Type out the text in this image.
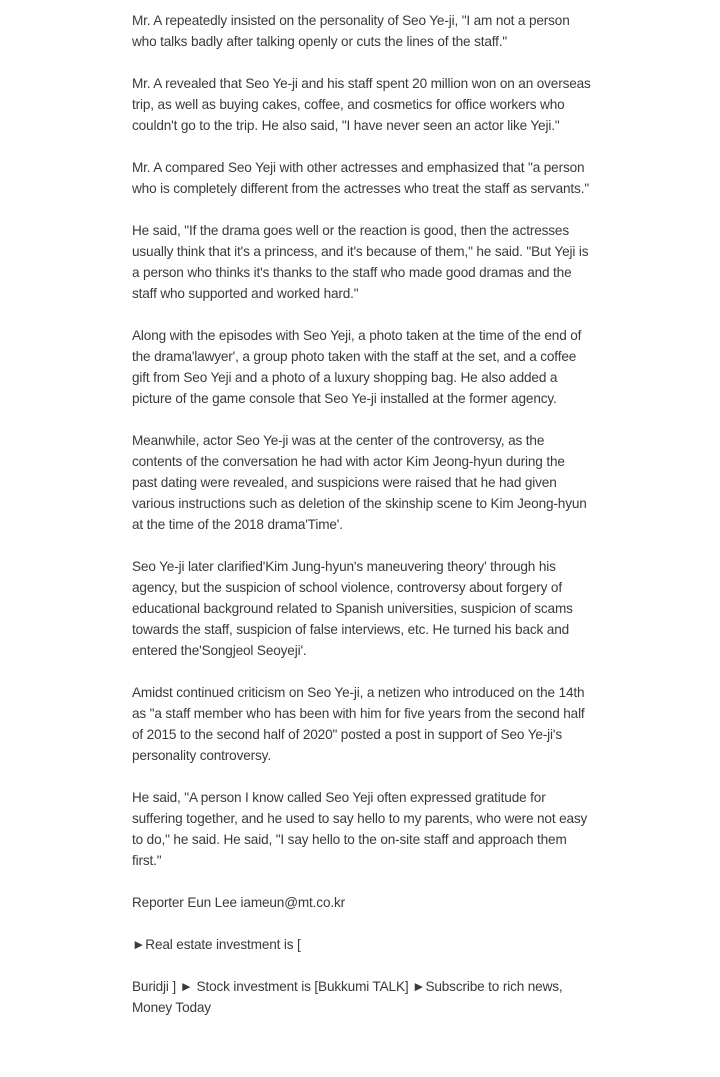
Mr. A repeatedly insisted on the personality of Seo Ye-ji, "I am not a person who talks badly after talking openly or cuts the lines of the staff."

Mr. A revealed that Seo Ye-ji and his staff spent 20 million won on an overseas trip, as well as buying cakes, coffee, and cosmetics for office workers who couldn't go to the trip. He also said, "I have never seen an actor like Yeji."

Mr. A compared Seo Yeji with other actresses and emphasized that "a person who is completely different from the actresses who treat the staff as servants."

He said, "If the drama goes well or the reaction is good, then the actresses usually think that it's a princess, and it's because of them," he said. "But Yeji is a person who thinks it's thanks to the staff who made good dramas and the staff who supported and worked hard."

Along with the episodes with Seo Yeji, a photo taken at the time of the end of the drama'lawyer', a group photo taken with the staff at the set, and a coffee gift from Seo Yeji and a photo of a luxury shopping bag. He also added a picture of the game console that Seo Ye-ji installed at the former agency.

Meanwhile, actor Seo Ye-ji was at the center of the controversy, as the contents of the conversation he had with actor Kim Jeong-hyun during the past dating were revealed, and suspicions were raised that he had given various instructions such as deletion of the skinship scene to Kim Jeong-hyun at the time of the 2018 drama'Time'.

Seo Ye-ji later clarified'Kim Jung-hyun's maneuvering theory' through his agency, but the suspicion of school violence, controversy about forgery of educational background related to Spanish universities, suspicion of scams towards the staff, suspicion of false interviews, etc. He turned his back and entered the'Songjeol Seoyeji'.

Amidst continued criticism on Seo Ye-ji, a netizen who introduced on the 14th as "a staff member who has been with him for five years from the second half of 2015 to the second half of 2020" posted a post in support of Seo Ye-ji's personality controversy.

He said, "A person I know called Seo Yeji often expressed gratitude for suffering together, and he used to say hello to my parents, who were not easy to do," he said. He said, "I say hello to the on-site staff and approach them first."

Reporter Eun Lee iameun@mt.co.kr

►Real estate investment is [

Buridji ] ► Stock investment is [Bukkumi TALK] ►Subscribe to rich news, Money Today
